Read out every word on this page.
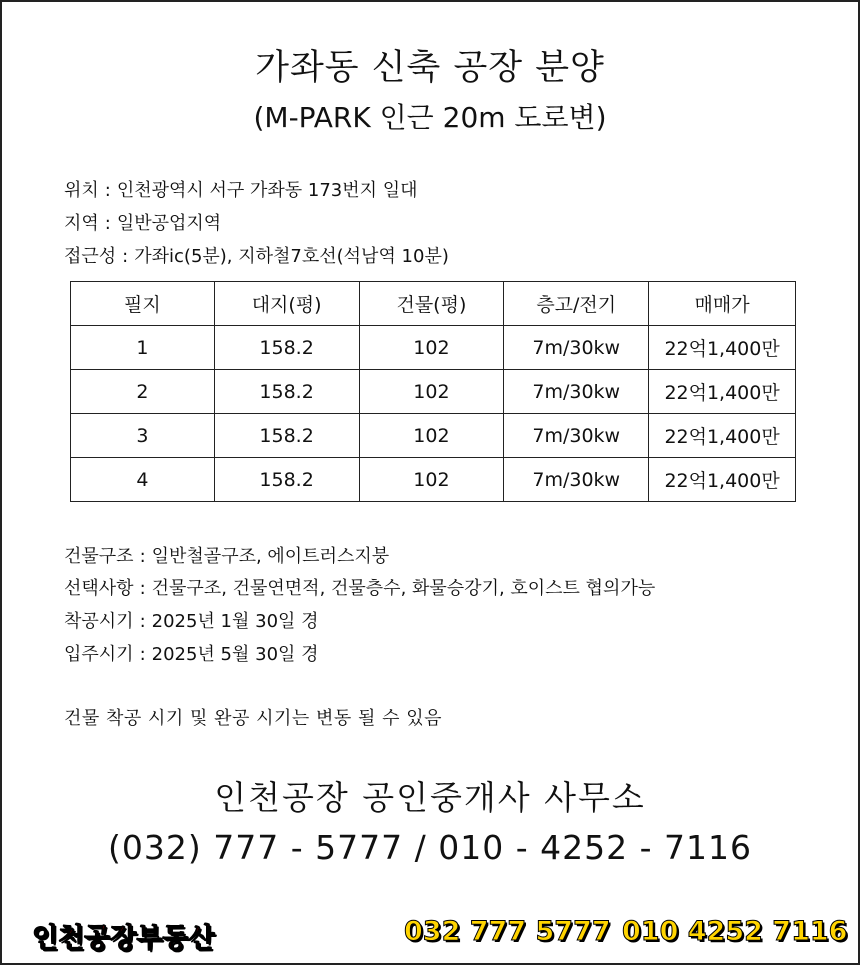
가좌동 신축 공장 분양
(M-PARK 인근 20m 도로변)
위치 : 인천광역시 서구 가좌동 173번지 일대
지역 : 일반공업지역
접근성 : 가좌ic(5분), 지하철7호선(석남역 10분)
필지	대지(평)	건물(평)	층고/전기	매매가
1	158.2	102	7m/30kw	22억1,400만
2	158.2	102	7m/30kw	22억1,400만
3	158.2	102	7m/30kw	22억1,400만
4	158.2	102	7m/30kw	22억1,400만
건물구조 : 일반철골구조, 에이트러스지붕
선택사항 : 건물구조, 건물연면적, 건물층수, 화물승강기, 호이스트 협의가능
착공시기 : 2025년 1월 30일 경
입주시기 : 2025년 5월 30일 경
건물 착공 시기 및 완공 시기는 변동 될 수 있음
인천공장 공인중개사 사무소
(032) 777 - 5777 / 010 - 4252 - 7116
인천공장부동산	032 777 5777 010 4252 7116
